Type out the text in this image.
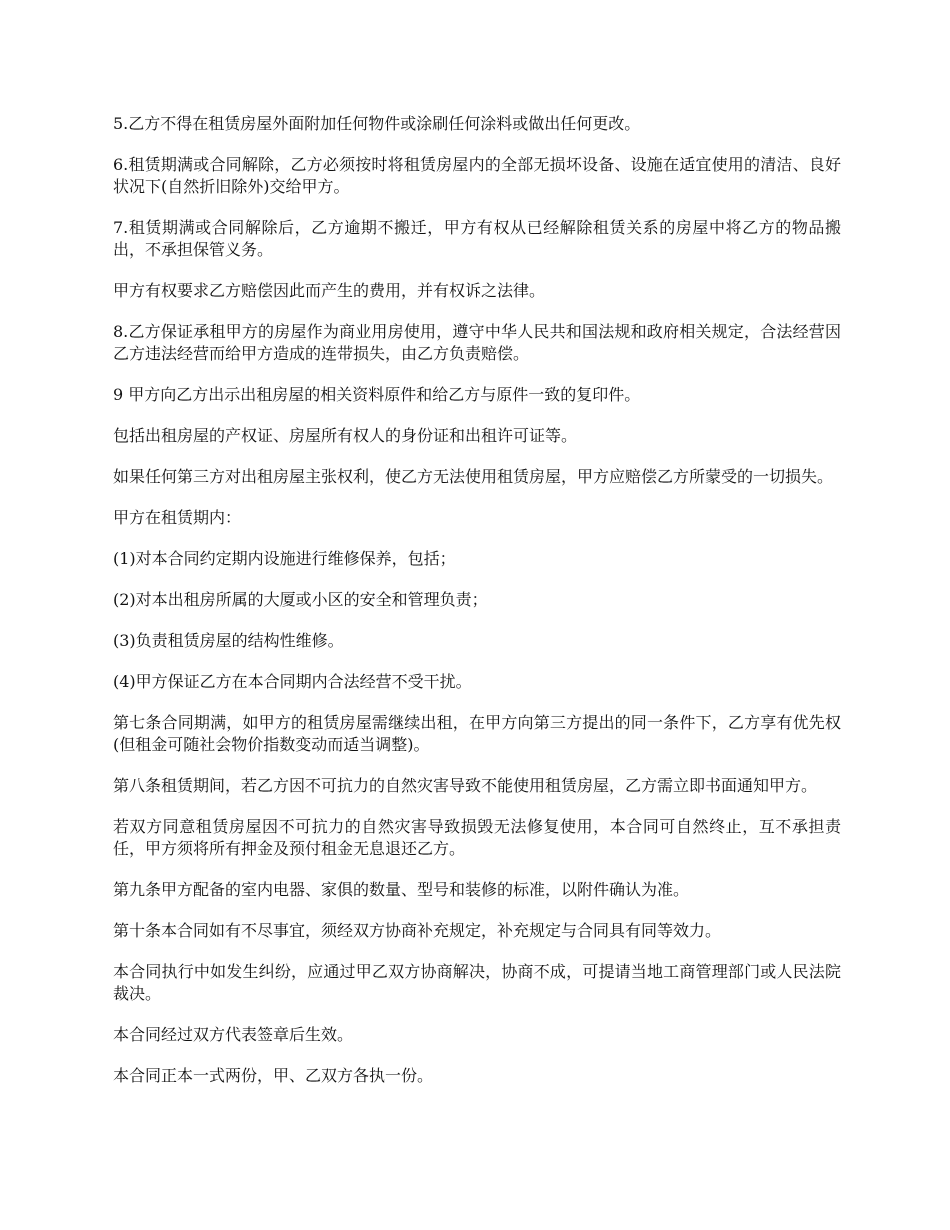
5.乙方不得在租赁房屋外面附加任何物件或涂刷任何涂料或做出任何更改。

6.租赁期满或合同解除，乙方必须按时将租赁房屋内的全部无损坏设备、设施在适宜使用的清洁、良好状况下(自然折旧除外)交给甲方。

7.租赁期满或合同解除后，乙方逾期不搬迁，甲方有权从已经解除租赁关系的房屋中将乙方的物品搬出，不承担保管义务。

甲方有权要求乙方赔偿因此而产生的费用，并有权诉之法律。

8.乙方保证承租甲方的房屋作为商业用房使用，遵守中华人民共和国法规和政府相关规定，合法经营因乙方违法经营而给甲方造成的连带损失，由乙方负责赔偿。

9 甲方向乙方出示出租房屋的相关资料原件和给乙方与原件一致的复印件。

包括出租房屋的产权证、房屋所有权人的身份证和出租许可证等。

如果任何第三方对出租房屋主张权利，使乙方无法使用租赁房屋，甲方应赔偿乙方所蒙受的一切损失。

甲方在租赁期内：

(1)对本合同约定期内设施进行维修保养，包括；

(2)对本出租房所属的大厦或小区的安全和管理负责；

(3)负责租赁房屋的结构性维修。

(4)甲方保证乙方在本合同期内合法经营不受干扰。

第七条合同期满，如甲方的租赁房屋需继续出租，在甲方向第三方提出的同一条件下，乙方享有优先权(但租金可随社会物价指数变动而适当调整)。

第八条租赁期间，若乙方因不可抗力的自然灾害导致不能使用租赁房屋，乙方需立即书面通知甲方。

若双方同意租赁房屋因不可抗力的自然灾害导致损毁无法修复使用，本合同可自然终止，互不承担责任，甲方须将所有押金及预付租金无息退还乙方。

第九条甲方配备的室内电器、家俱的数量、型号和装修的标准，以附件确认为准。

第十条本合同如有不尽事宜，须经双方协商补充规定，补充规定与合同具有同等效力。

本合同执行中如发生纠纷，应通过甲乙双方协商解决，协商不成，可提请当地工商管理部门或人民法院裁决。

本合同经过双方代表签章后生效。

本合同正本一式两份，甲、乙双方各执一份。
